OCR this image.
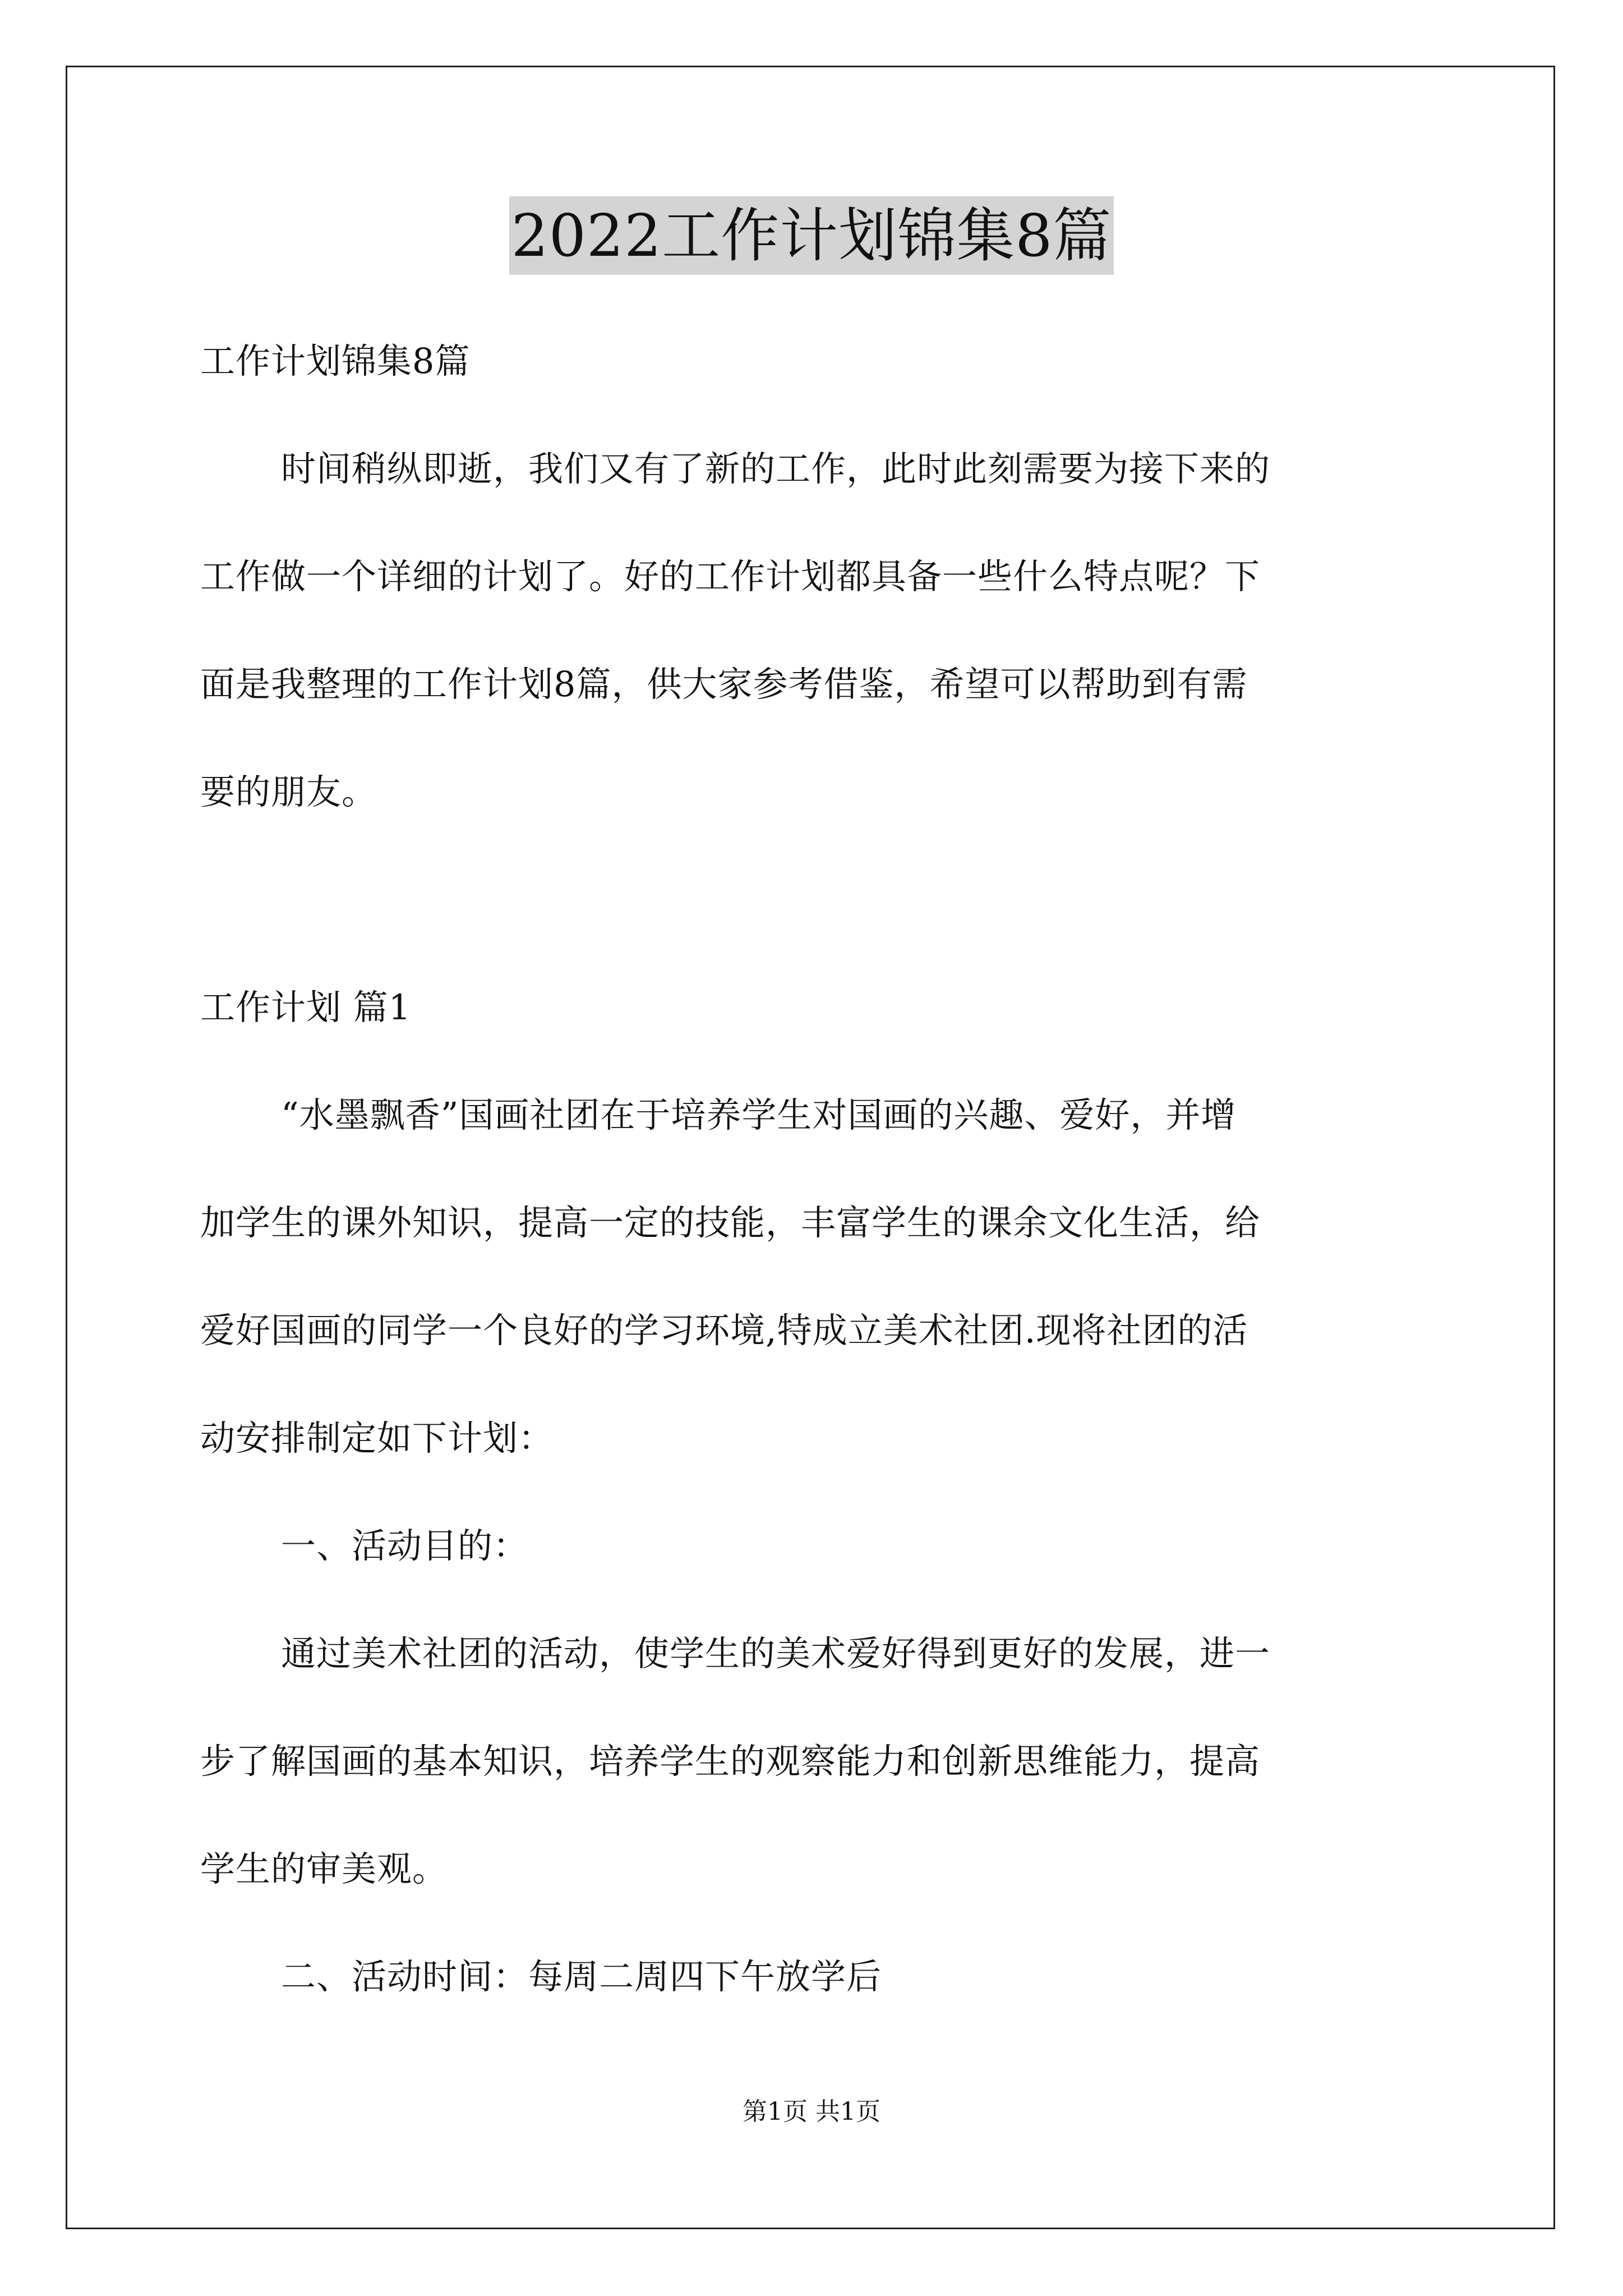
2022工作计划锦集8篇
工作计划锦集8篇
时间稍纵即逝，我们又有了新的工作，此时此刻需要为接下来的
工作做一个详细的计划了。好的工作计划都具备一些什么特点呢？下
面是我整理的工作计划8篇，供大家参考借鉴，希望可以帮助到有需
要的朋友。
工作计划 篇1
“水墨飘香”国画社团在于培养学生对国画的兴趣、爱好，并增
加学生的课外知识，提高一定的技能，丰富学生的课余文化生活，给
爱好国画的同学一个良好的学习环境,特成立美术社团.现将社团的活
动安排制定如下计划：
一、活动目的：
通过美术社团的活动，使学生的美术爱好得到更好的发展，进一
步了解国画的基本知识，培养学生的观察能力和创新思维能力，提高
学生的审美观。
二、活动时间：每周二周四下午放学后
第1页 共1页
